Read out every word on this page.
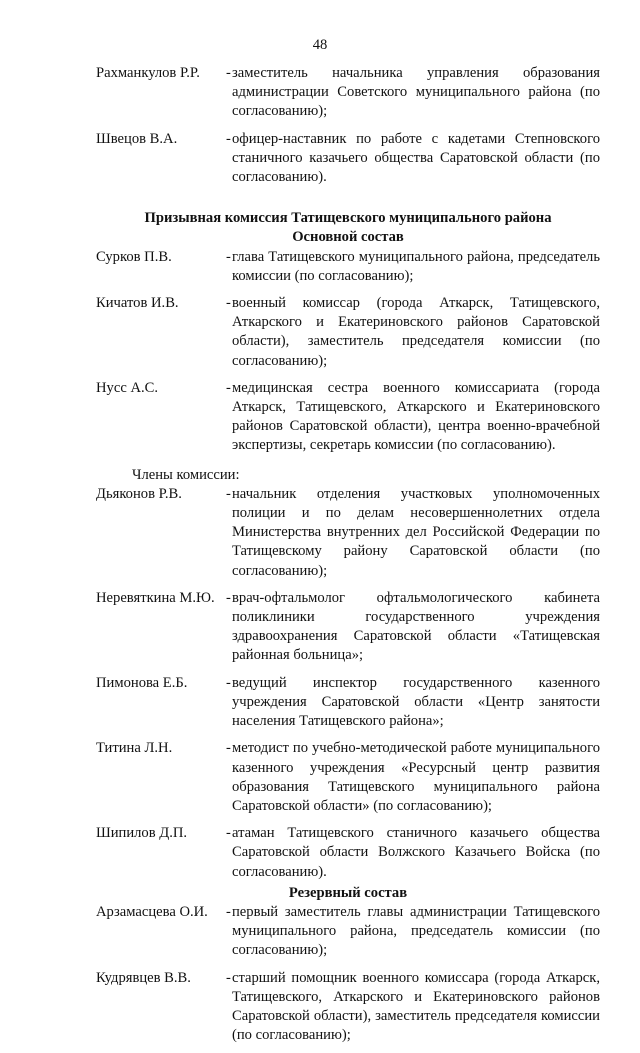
48
Рахманкулов Р.Р.	- заместитель начальника управления образования администрации Советского муниципального района (по согласованию);
Швецов В.А.	- офицер-наставник по работе с кадетами Степновского станичного казачьего общества Саратовской области (по согласованию).
Призывная комиссия Татищевского муниципального района
Основной состав
Сурков П.В.	- глава Татищевского муниципального района, председатель комиссии (по согласованию);
Кичатов И.В.	- военный комиссар (города Аткарск, Татищевского, Аткарского и Екатериновского районов Саратовской области), заместитель председателя комиссии (по согласованию);
Нусс А.С.	- медицинская сестра военного комиссариата (города Аткарск, Татищевского, Аткарского и Екатериновского районов Саратовской области), центра военно-врачебной экспертизы, секретарь комиссии (по согласованию).
Члены комиссии:
Дьяконов Р.В.	- начальник отделения участковых уполномоченных полиции и по делам несовершеннолетних отдела Министерства внутренних дел Российской Федерации по Татищевскому району Саратовской области (по согласованию);
Неревяткина М.Ю. - врач-офтальмолог офтальмологического кабинета поликлиники государственного учреждения здравоохранения Саратовской области «Татищевская районная больница»;
Пимонова Е.Б.	- ведущий инспектор государственного казенного учреждения Саратовской области «Центр занятости населения Татищевского района»;
Титина Л.Н.	- методист по учебно-методической работе муниципального казенного учреждения «Ресурсный центр развития образования Татищевского муниципального района Саратовской области» (по согласованию);
Шипилов Д.П.	- атаман Татищевского станичного казачьего общества Саратовской области Волжского Казачьего Войска (по согласованию).
Резервный состав
Арзамасцева О.И.	- первый заместитель главы администрации Татищевского муниципального района, председатель комиссии (по согласованию);
Кудрявцев В.В.	- старший помощник военного комиссара (города Аткарск, Татищевского, Аткарского и Екатериновского районов Саратовской области), заместитель председателя комиссии (по согласованию);
